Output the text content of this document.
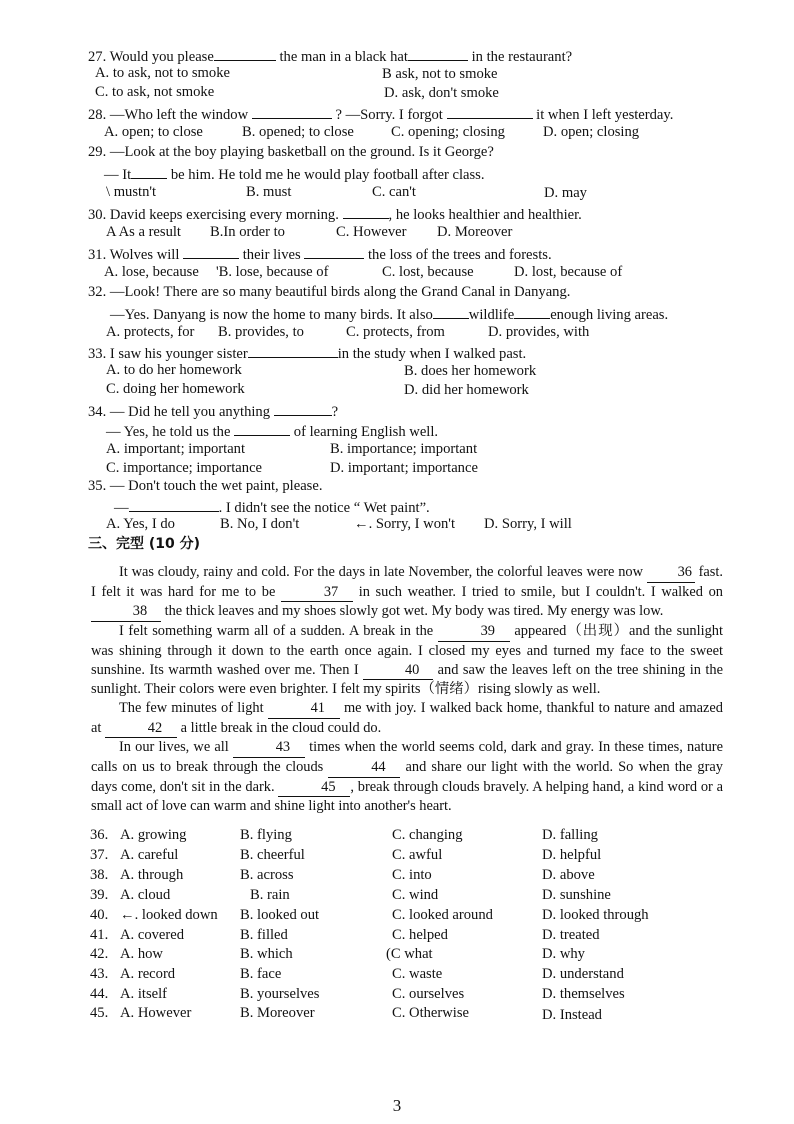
27. Would you please	the man in a black hat	in the restaurant?
A. to ask, not to smoke	B ask, not to smoke
C. to ask, not smoke	D. ask, don't smoke
28. —Who left the window	? —Sorry. I forgot	it when I left yesterday.
A. open; to close	B. opened; to close	C. opening; closing	D. open; closing
29. —Look at the boy playing basketball on the ground. Is it George?
— It	be him. He told me he would play football after class.
\ mustn't	B. must	C. can't	D. may
30. David keeps exercising every morning.	, he looks healthier and healthier.
A As a result B.In order to	C. However D. Moreover
31. Wolves will	their lives	the loss of the trees and forests.
A. lose, because 'B. lose, because of	C. lost, because	D. lost, because of
32. —Look! There are so many beautiful birds along the Grand Canal in Danyang.
—Yes. Danyang is now the home to many birds. It also wildlife enough living areas.
A. protects, for B. provides, to	C. protects, from	D. provides, with
33. I saw his younger sister	in the study when I walked past.
A. to do her homework	B. does her homework
C. doing her homework	D. did her homework
34. — Did he tell you anything	?
— Yes, he told us the	of learning English well.
A. important; important	B. importance; important
C. importance; importance	D. important; importance
35. — Don't touch the wet paint, please.
—	. I didn't see the notice “ Wet paint”.
A. Yes, I do	B. No, I don't	←. Sorry, I won't D. Sorry, I will
三、完型 (10 分)

It was cloudy, rainy and cold. For the days in late November, the colorful leaves were now 36 fast. I felt it was hard for me to be	37 in such weather. I tried to smile, but I couldn't. I walked on 38 the thick leaves and my shoes slowly got wet. My body was tired. My energy was low.

I felt something warm all of a sudden. A break in the	39 appeared（出现）and the sunlight was shining through it down to the earth once again. I closed my eyes and turned my face to the sweet sunshine. Its warmth washed over me. Then I	40 and saw the leaves left on the tree shining in the sunlight. Their colors were even brighter. I felt my spirits（情绪）rising slowly as well.

The few minutes of light	41 me with joy. I walked back home, thankful to nature and amazed at	42 a little break in the cloud could do.

In our lives, we all	43 times when the world seems cold, dark and gray. In these times, nature calls on us to break through the clouds	44 and share our light with the world. So when the gray days come, don't sit in the dark.	45 , break through clouds bravely. A helping hand, a kind word or a small act of love can warm and shine light into another's heart.

36. A. growing	B. flying	C. changing	D. falling
37. A. careful	B. cheerful	C. awful	D. helpful
38. A. through	B. across	C. into	D. above
39. A. cloud	B. rain	C. wind	D. sunshine
40. ←. looked down B. looked out	C. looked around	D. looked through
41. A. covered	B. filled	C. helped	D. treated
42. A. how	B. which	(C what	D. why
43. A. record	B. face	C. waste	D. understand
44. A. itself	B. yourselves	C. ourselves	D. themselves
45. A. However	B. Moreover	C. Otherwise	D. Instead
3
